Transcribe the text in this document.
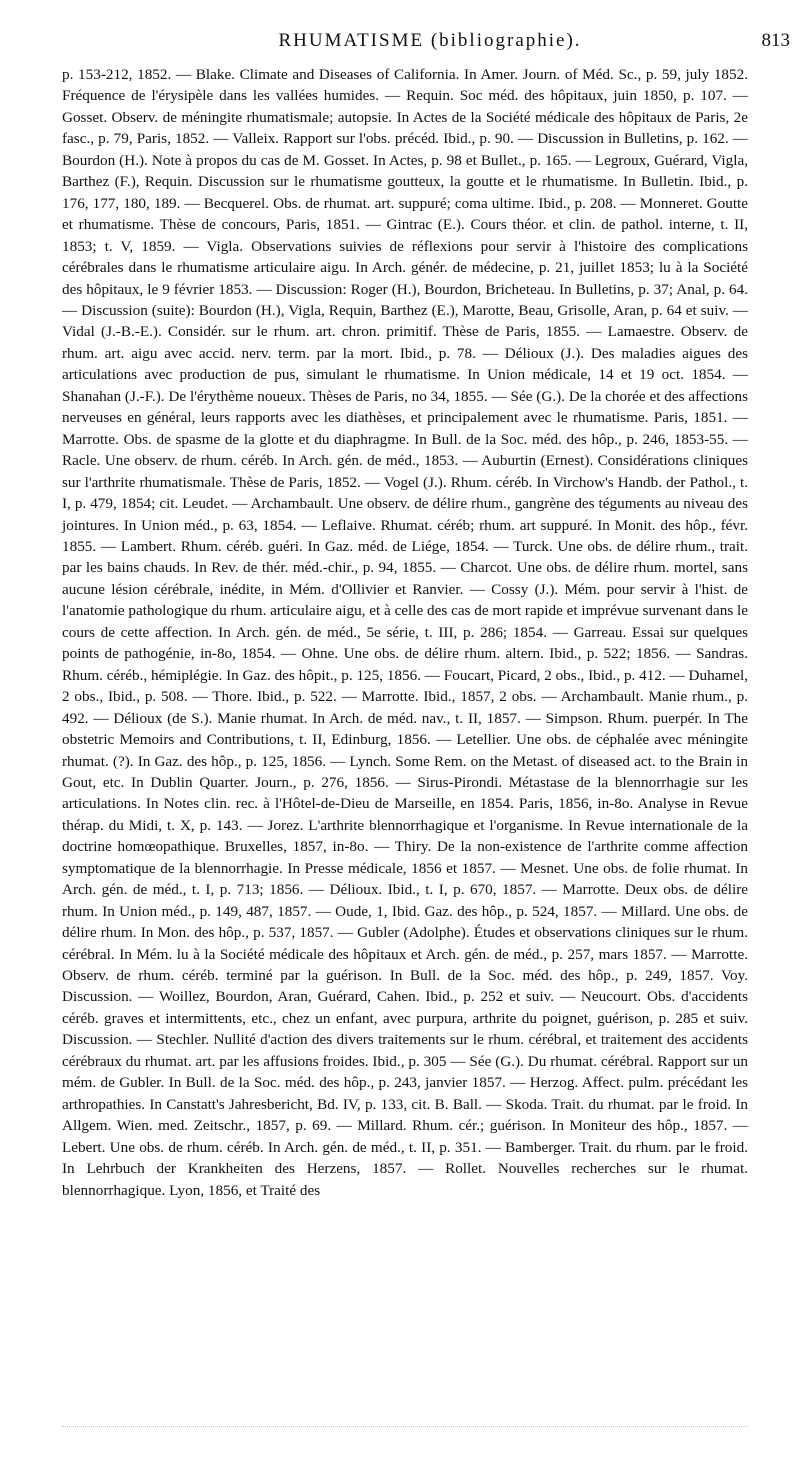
RHUMATISME (bibliographie).	813
p. 153-212, 1852. — Blake. Climate and Diseases of California. In Amer. Journ. of Méd. Sc., p. 59, july 1852. Fréquence de l'érysipèle dans les vallées humides. — Requin. Soc méd. des hôpitaux, juin 1850, p. 107. — Gosset. Observ. de méningite rhumatismale; autopsie. In Actes de la Société médicale des hôpitaux de Paris, 2e fasc., p. 79, Paris, 1852. — Valleix. Rapport sur l'obs. précéd. Ibid., p. 90. — Discussion in Bulletins, p. 162. — Bourdon (H.). Note à propos du cas de M. Gosset. In Actes, p. 98 et Bullet., p. 165. — Legroux, Guérard, Vigla, Barthez (F.), Requin. Discussion sur le rhumatisme goutteux, la goutte et le rhumatisme. In Bulletin. Ibid., p. 176, 177, 180, 189. — Becquerel. Obs. de rhumat. art. suppuré; coma ultime. Ibid., p. 208. — Monneret. Goutte et rhumatisme. Thèse de concours, Paris, 1851. — Gintrac (E.). Cours théor. et clin. de pathol. interne, t. II, 1853; t. V, 1859. — Vigla. Observations suivies de réflexions pour servir à l'histoire des complications cérébrales dans le rhumatisme articulaire aigu. In Arch. génér. de médecine, p. 21, juillet 1853; lu à la Société des hôpitaux, le 9 février 1853. — Discussion: Roger (H.), Bourdon, Bricheteau. In Bulletins, p. 37; Anal, p. 64. — Discussion (suite): Bourdon (H.), Vigla, Requin, Barthez (E.), Marotte, Beau, Grisolle, Aran, p. 64 et suiv. — Vidal (J.-B.-E.). Considér. sur le rhum. art. chron. primitif. Thèse de Paris, 1855. — Lamaestre. Observ. de rhum. art. aigu avec accid. nerv. term. par la mort. Ibid., p. 78. — Délioux (J.). Des maladies aigues des articulations avec production de pus, simulant le rhumatisme. In Union médicale, 14 et 19 oct. 1854. — Shanahan (J.-F.). De l'érythème noueux. Thèses de Paris, no 34, 1855. — Sée (G.). De la chorée et des affections nerveuses en général, leurs rapports avec les diathèses, et principalement avec le rhumatisme. Paris, 1851. — Marrotte. Obs. de spasme de la glotte et du diaphragme. In Bull. de la Soc. méd. des hôp., p. 246, 1853-55. — Racle. Une observ. de rhum. céréb. In Arch. gén. de méd., 1853. — Auburtin (Ernest). Considérations cliniques sur l'arthrite rhumatismale. Thèse de Paris, 1852. — Vogel (J.). Rhum. céréb. In Virchow's Handb. der Pathol., t. I, p. 479, 1854; cit. Leudet. — Archambault. Une observ. de délire rhum., gangrène des téguments au niveau des jointures. In Union méd., p. 63, 1854. — Leflaive. Rhumat. céréb; rhum. art suppuré. In Monit. des hôp., févr. 1855. — Lambert. Rhum. céréb. guéri. In Gaz. méd. de Liége, 1854. — Turck. Une obs. de délire rhum., trait. par les bains chauds. In Rev. de thér. méd.-chir., p. 94, 1855. — Charcot. Une obs. de délire rhum. mortel, sans aucune lésion cérébrale, inédite, in Mém. d'Ollivier et Ranvier. — Cossy (J.). Mém. pour servir à l'hist. de l'anatomie pathologique du rhum. articulaire aigu, et à celle des cas de mort rapide et imprévue survenant dans le cours de cette affection. In Arch. gén. de méd., 5e série, t. III, p. 286; 1854. — Garreau. Essai sur quelques points de pathogénie, in-8o, 1854. — Ohne. Une obs. de délire rhum. altern. Ibid., p. 522; 1856. — Sandras. Rhum. céréb., hémiplégie. In Gaz. des hôpit., p. 125, 1856. — Foucart, Picard, 2 obs., Ibid., p. 412. — Duhamel, 2 obs., Ibid., p. 508. — Thore. Ibid., p. 522. — Marrotte. Ibid., 1857, 2 obs. — Archambault. Manie rhum., p. 492. — Délioux (de S.). Manie rhumat. In Arch. de méd. nav., t. II, 1857. — Simpson. Rhum. puerpér. In The obstetric Memoirs and Contributions, t. II, Edinburg, 1856. — Letellier. Une obs. de céphalée avec méningite rhumat. (?). In Gaz. des hôp., p. 125, 1856. — Lynch. Some Rem. on the Metast. of diseased act. to the Brain in Gout, etc. In Dublin Quarter. Journ., p. 276, 1856. — Sirus-Pirondi. Métastase de la blennorrhagie sur les articulations. In Notes clin. rec. à l'Hôtel-de-Dieu de Marseille, en 1854. Paris, 1856, in-8o. Analyse in Revue thérap. du Midi, t. X, p. 143. — Jorez. L'arthrite blennorrhagique et l'organisme. In Revue internationale de la doctrine homœopathique. Bruxelles, 1857, in-8o. — Thiry. De la non-existence de l'arthrite comme affection symptomatique de la blennorrhagie. In Presse médicale, 1856 et 1857. — Mesnet. Une obs. de folie rhumat. In Arch. gén. de méd., t. I, p. 713; 1856. — Délioux. Ibid., t. I, p. 670, 1857. — Marrotte. Deux obs. de délire rhum. In Union méd., p. 149, 487, 1857. — Oude, 1, Ibid. Gaz. des hôp., p. 524, 1857. — Millard. Une obs. de délire rhum. In Mon. des hôp., p. 537, 1857. — Gubler (Adolphe). Études et observations cliniques sur le rhum. cérébral. In Mém. lu à la Société médicale des hôpitaux et Arch. gén. de méd., p. 257, mars 1857. — Marrotte. Observ. de rhum. céréb. terminé par la guérison. In Bull. de la Soc. méd. des hôp., p. 249, 1857. Voy. Discussion. — Woillez, Bourdon, Aran, Guérard, Cahen. Ibid., p. 252 et suiv. — Neucourt. Obs. d'accidents céréb. graves et intermittents, etc., chez un enfant, avec purpura, arthrite du poignet, guérison, p. 285 et suiv. Discussion. — Stechler. Nullité d'action des divers traitements sur le rhum. cérébral, et traitement des accidents cérébraux du rhumat. art. par les affusions froides. Ibid., p. 305 — Sée (G.). Du rhumat. cérébral. Rapport sur un mém. de Gubler. In Bull. de la Soc. méd. des hôp., p. 243, janvier 1857. — Herzog. Affect. pulm. précédant les arthropathies. In Canstatt's Jahresbericht, Bd. IV, p. 133, cit. B. Ball. — Skoda. Trait. du rhumat. par le froid. In Allgem. Wien. med. Zeitschr., 1857, p. 69. — Millard. Rhum. cér.; guérison. In Moniteur des hôp., 1857. — Lebert. Une obs. de rhum. céréb. In Arch. gén. de méd., t. II, p. 351. — Bamberger. Trait. du rhum. par le froid. In Lehrbuch der Krankheiten des Herzens, 1857. — Rollet. Nouvelles recherches sur le rhumat. blennorrhagique. Lyon, 1856, et Traité des
